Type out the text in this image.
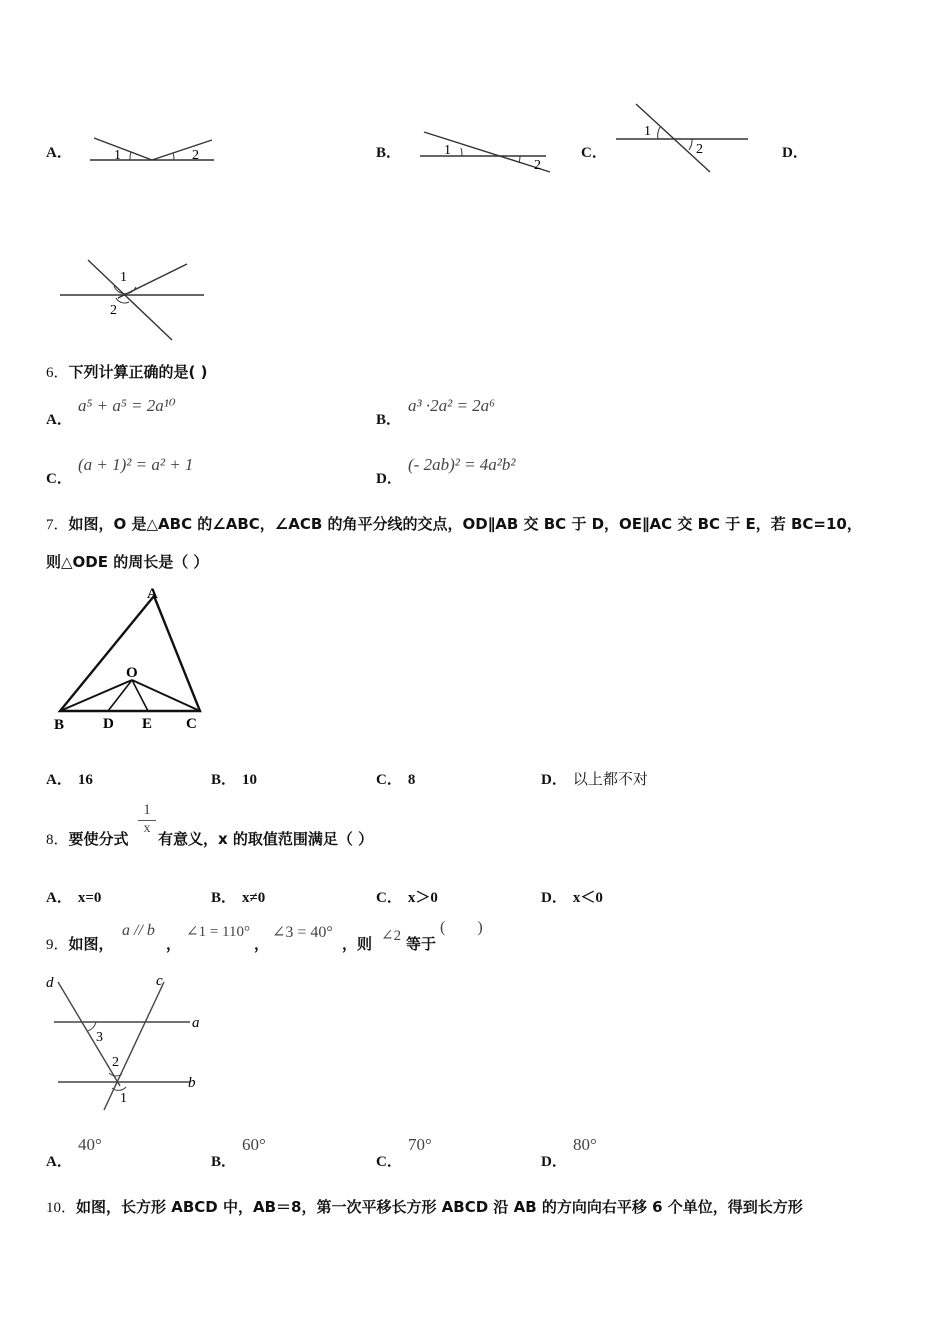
A．	1	2	B．	1
2
C．
1
2	D．
1
2
6．下列计算正确的是( )
A．
a⁵ + a⁵ = 2a¹⁰
B．
a³ ·2a² = 2a⁶
C．
(a + 1)² = a² + 1
D．
(- 2ab)² = 4a²b²
7．如图，O 是△ABC 的∠ABC，∠ACB 的角平分线的交点，OD∥AB 交 BC 于 D，OE∥AC 交 BC 于 E，若 BC=10，
则△ODE 的周长是（ ）
A
O
B	D E C
A． 16	B． 10	C． 8	D． 以上都不对
8．要使分式
$\frac{1}{x}$
有意义，x 的取值范围满足（ ）
A． x=0	B． x≠0	C． x＞0	D． x＜0
9．如图，
a // b
，
∠1 = 110°
，
∠3 = 40°
，则 ∠2 等于
(        )
d	c
a
b
3
2
1
A．
40°
B．
60°
C．
70°
D．
80°
10．如图，长方形 ABCD 中，AB＝8，第一次平移长方形 ABCD 沿 AB 的方向向右平移 6 个单位，得到长方形
